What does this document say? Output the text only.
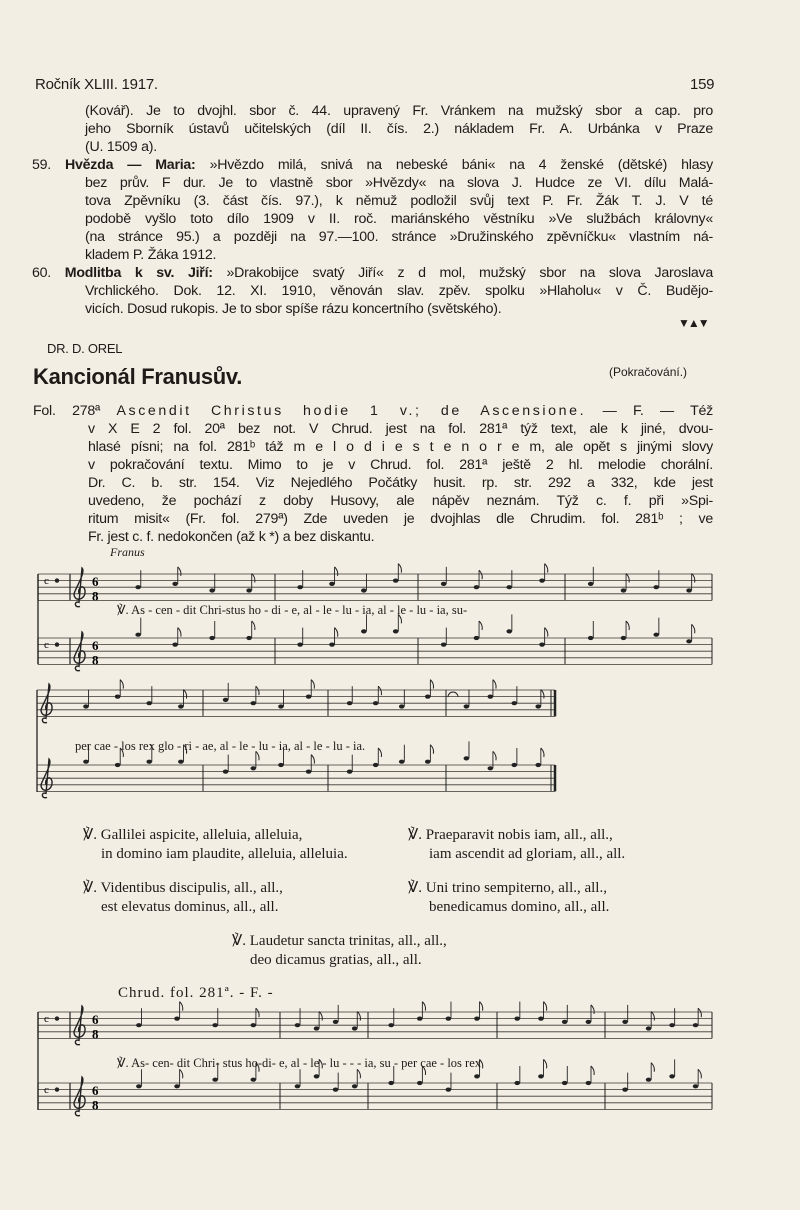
Ročník XLIII. 1917.	159
(Kovář). Je to dvojhl. sbor č. 44. upravený Fr. Vránkem na mužský sbor a cap. pro
jeho Sborník ústavů učitelských (díl II. čís. 2.) nákladem Fr. A. Urbánka v Praze
(U. 1509 a).
59. Hvězda — Maria: »Hvězdo milá, snivá na nebeské báni« na 4 ženské (dětské) hlasy
bez prův. F dur. Je to vlastně sbor »Hvězdy« na slova J. Hudce ze VI. dílu Malá-
tova Zpěvníku (3. část čís. 97.), k němuž podložil svůj text P. Fr. Žák T. J. V té
podobě vyšlo toto dílo 1909 v II. roč. mariánského věstníku »Ve službách královny«
(na stránce 95.) a později na 97.—100. stránce »Družinského zpěvníčku« vlastním ná-
kladem P. Žáka 1912.
60. Modlitba k sv. Jiří: »Drakobijce svatý Jiří« z d mol, mužský sbor na slova Jaroslava
Vrchlického. Dok. 12. XI. 1910, věnován slav. zpěv. spolku »Hlaholu« v Č. Budějo-
vicích. Dosud rukopis. Je to sbor spíše rázu koncertního (světského).
▼▲▼
DR. D. OREL
Kancionál Franusův.	(Pokračování.)
Fol. 278ª Ascendit Christus hodie 1 v.; de Ascensione. — F. — Též
v X E 2 fol. 20ª bez not. V Chrud. jest na fol. 281ª týž text, ale k jiné, dvou-
hlasé písni; na fol. 281ᵇ táž m e l o d i e s t e n o r e m, ale opět s jinými slovy
v pokračování textu. Mimo to je v Chrud. fol. 281ª ještě 2 hl. melodie chorální.
Dr. C. b. str. 154. Viz Nejedlého Počátky husit. rp. str. 292 a 332, kde jest
uvedeno, že pochází z doby Husovy, ale nápěv neznám. Týž c. f. při »Spi-
ritum misit« (Fr. fol. 279ª) Zde uveden je dvojhlas dle Chrudim. fol. 281ᵇ ; ve
Fr. jest c. f. nedokončen (až k *) a bez diskantu.
c	6
8
c	6
8
c	6
8
c	6
8
Franus
℣. As - cen - dit Chri-stus ho - di - e, al - le - lu - ia, al - le - lu - ia, su-
per cae - los rex glo - ri - ae, al - le - lu - ia, al - le - lu - ia.
℣. Gallilei aspicite, alleluia, alleluia,
in domino iam plaudite, alleluia, alleluia.
℣. Praeparavit nobis iam, all., all.,
iam ascendit ad gloriam, all., all.
℣. Videntibus discipulis, all., all.,
est elevatus dominus, all., all.
℣. Uni trino sempiterno, all., all.,
benedicamus domino, all., all.
℣. Laudetur sancta trinitas, all., all.,
deo dicamus gratias, all., all.
Chrud. fol. 281ª. - F. -
℣. As- cen- dit Chri- stus ho-di- e, al - le - lu - - - ia, su - per cae - los rex
